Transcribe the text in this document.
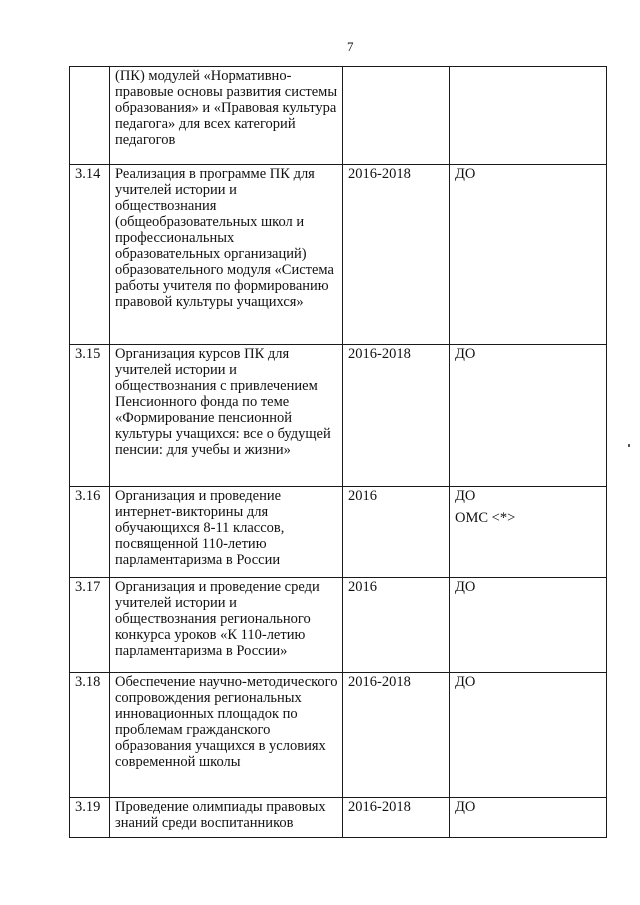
7
	(ПК) модулей «Нормативно-правовые основы развития системы образования» и «Правовая культура педагога» для всех категорий педагогов		
3.14	Реализация в программе ПК для учителей истории и обществознания (общеобразовательных школ и профессиональных образовательных организаций) образовательного модуля «Система работы учителя по формированию правовой культуры учащихся»	2016-2018	ДО

3.15	Организация курсов ПК для учителей истории и обществознания с привлечением Пенсионного фонда по теме «Формирование пенсионной культуры учащихся: все о будущей пенсии: для учебы и жизни»	2016-2018	ДО

3.16	Организация и проведение интернет-викторины для обучающихся 8-11 классов, посвященной 110-летию парламентаризма в России	2016	ДО
ОМС <*>

3.17	Организация и проведение среди учителей истории и обществознания регионального конкурса уроков «К 110-летию парламентаризма в России»	2016	ДО

3.18	Обеспечение научно-методического сопровождения региональных инновационных площадок по проблемам гражданского образования учащихся в условиях современной школы	2016-2018	ДО

3.19	Проведение олимпиады правовых знаний среди воспитанников	2016-2018	ДО
